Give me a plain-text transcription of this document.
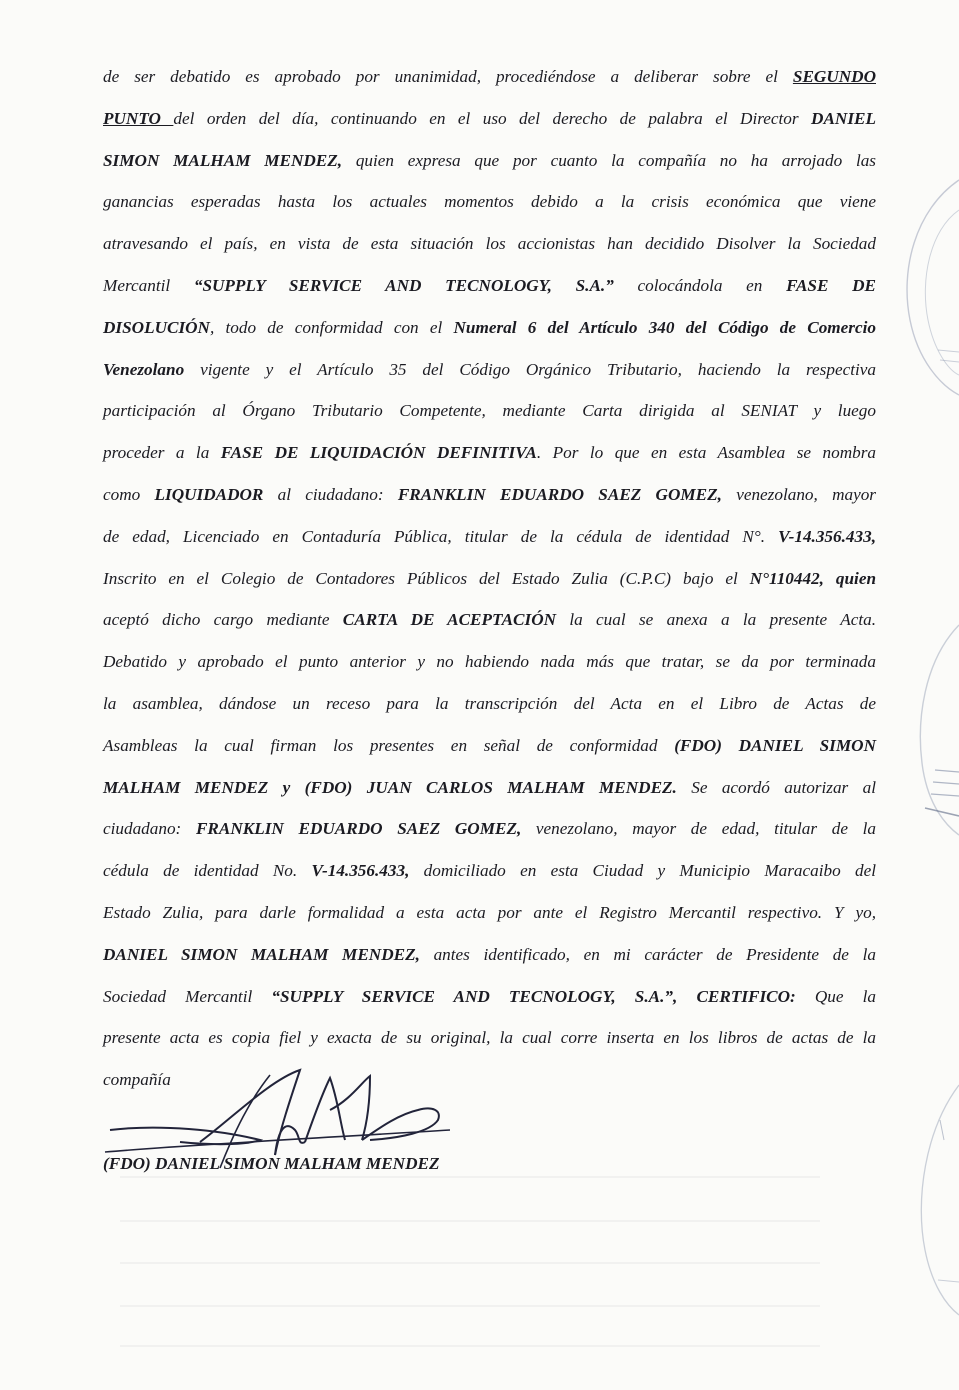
de ser debatido es aprobado por unanimidad, procediéndose a deliberar sobre el SEGUNDO
PUNTO del orden del día, continuando en el uso del derecho de palabra el Director DANIEL
SIMON MALHAM MENDEZ, quien expresa que por cuanto la compañía no ha arrojado las
ganancias esperadas hasta los actuales momentos debido a la crisis económica que viene
atravesando el país, en vista de esta situación los accionistas han decidido Disolver la Sociedad
Mercantil “SUPPLY SERVICE AND TECNOLOGY, S.A.” colocándola en FASE DE
DISOLUCIÓN, todo de conformidad con el Numeral 6 del Artículo 340 del Código de Comercio
Venezolano vigente y el Artículo 35 del Código Orgánico Tributario, haciendo la respectiva
participación al Órgano Tributario Competente, mediante Carta dirigida al SENIAT y luego
proceder a la FASE DE LIQUIDACIÓN DEFINITIVA. Por lo que en esta Asamblea se nombra
como LIQUIDADOR al ciudadano: FRANKLIN EDUARDO SAEZ GOMEZ, venezolano, mayor
de edad, Licenciado en Contaduría Pública, titular de la cédula de identidad N°. V-14.356.433,
Inscrito en el Colegio de Contadores Públicos del Estado Zulia (C.P.C) bajo el N°110442, quien
aceptó dicho cargo mediante CARTA DE ACEPTACIÓN la cual se anexa a la presente Acta.
Debatido y aprobado el punto anterior y no habiendo nada más que tratar, se da por terminada
la asamblea, dándose un receso para la transcripción del Acta en el Libro de Actas de
Asambleas la cual firman los presentes en señal de conformidad (FDO) DANIEL SIMON
MALHAM MENDEZ y (FDO) JUAN CARLOS MALHAM MENDEZ. Se acordó autorizar al
ciudadano: FRANKLIN EDUARDO SAEZ GOMEZ, venezolano, mayor de edad, titular de la
cédula de identidad No. V-14.356.433, domiciliado en esta Ciudad y Municipio Maracaibo del
Estado Zulia, para darle formalidad a esta acta por ante el Registro Mercantil respectivo. Y yo,
DANIEL SIMON MALHAM MENDEZ, antes identificado, en mi carácter de Presidente de la
Sociedad Mercantil “SUPPLY SERVICE AND TECNOLOGY, S.A.”, CERTIFICO: Que la
presente acta es copia fiel y exacta de su original, la cual corre inserta en los libros de actas de la
compañía
(FDO) DANIEL SIMON MALHAM MENDEZ
